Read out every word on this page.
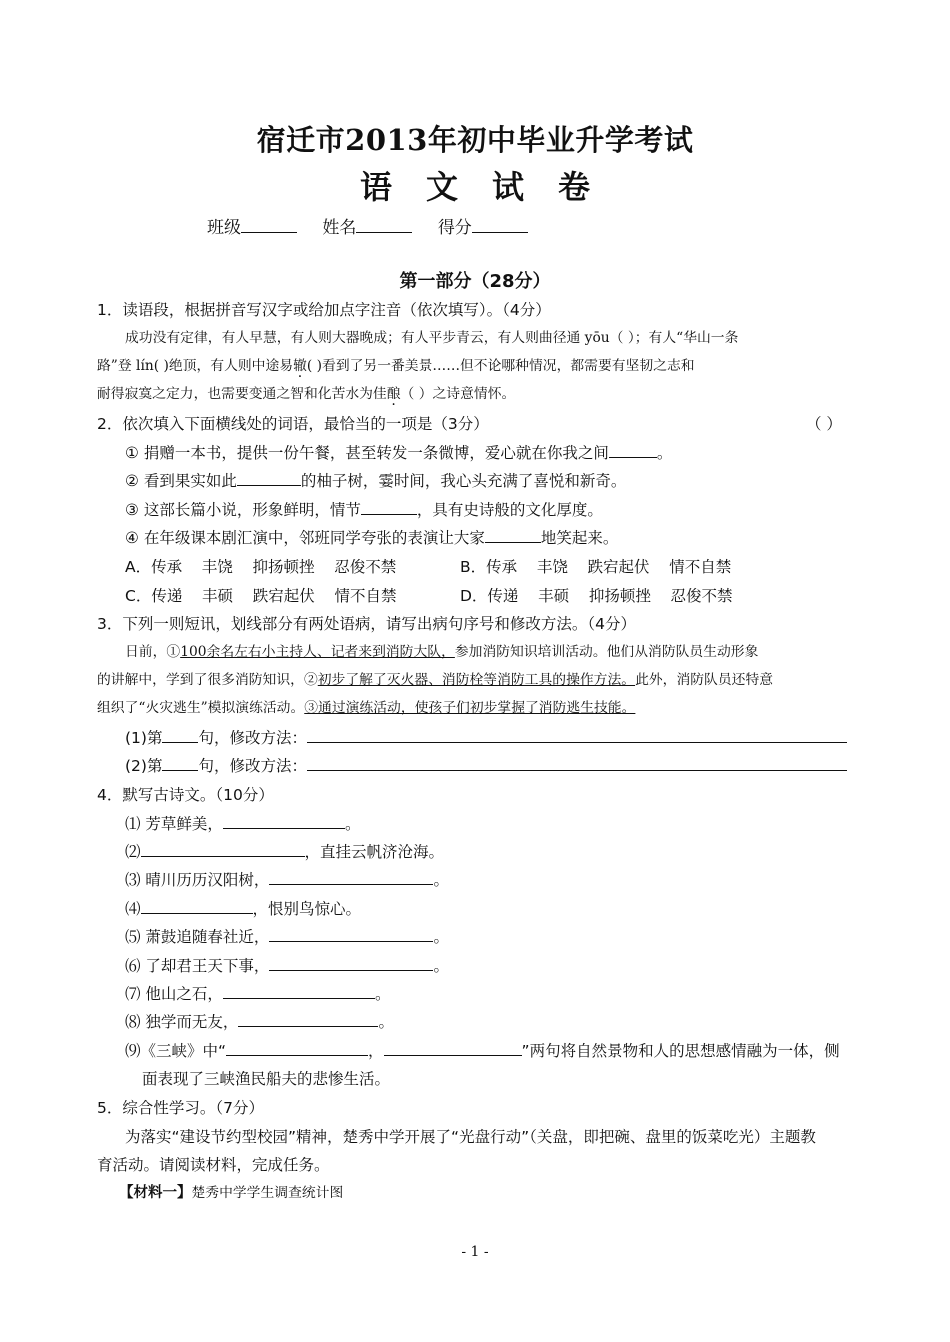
宿迁市2013年初中毕业升学考试
语 文 试 卷
班级	姓名	得分
第一部分（28分）
1．读语段，根据拼音写汉字或给加点字注音（依次填写）。（4分）
成功没有定律，有人早慧，有人则大器晚成；有人平步青云，有人则曲径通 yōu（ ）；有人“华山一条
路”登 lín( )绝顶，有人则中途易辙( )看到了另一番美景……但不论哪种情况，都需要有坚韧之志和
耐得寂寞之定力，也需要变通之智和化苦水为佳酿（ ）之诗意情怀。
2．依次填入下面横线处的词语，最恰当的一项是（3分）	（ ）
① 捐赠一本书，提供一份午餐，甚至转发一条微博，爱心就在你我之间	。
② 看到果实如此	的柚子树，霎时间，我心头充满了喜悦和新奇。
③ 这部长篇小说，形象鲜明，情节	，具有史诗般的文化厚度。
④ 在年级课本剧汇演中，邻班同学夸张的表演让大家	地笑起来。
A．传承    丰饶    抑扬顿挫    忍俊不禁	B．传承    丰饶    跌宕起伏    情不自禁
C．传递    丰硕    跌宕起伏    情不自禁	D．传递    丰硕    抑扬顿挫    忍俊不禁
3．下列一则短讯，划线部分有两处语病，请写出病句序号和修改方法。（4分）
日前，①100余名左右小主持人、记者来到消防大队，参加消防知识培训活动。他们从消防队员生动形象
的讲解中，学到了很多消防知识，②初步了解了灭火器、消防栓等消防工具的操作方法。此外，消防队员还特意
组织了“火灾逃生”模拟演练活动。③通过演练活动，使孩子们初步掌握了消防逃生技能。
(1)第 句，修改方法：
(2)第 句，修改方法：
4．默写古诗文。（10分）
⑴ 芳草鲜美，	。
⑵	，直挂云帆济沧海。
⑶ 晴川历历汉阳树，	。
⑷	，恨别鸟惊心。
⑸ 萧鼓追随春社近，	。
⑹ 了却君王天下事，	。
⑺ 他山之石，	。
⑻ 独学而无友，	。
⑼《三峡》中“	，	”两句将自然景物和人的思想感情融为一体，侧
面表现了三峡渔民船夫的悲惨生活。
5．综合性学习。（7分）
为落实“建设节约型校园”精神，楚秀中学开展了“光盘行动”（关盘，即把碗、盘里的饭菜吃光）主题教
育活动。请阅读材料，完成任务。
【材料一】楚秀中学学生调查统计图
- 1 -
